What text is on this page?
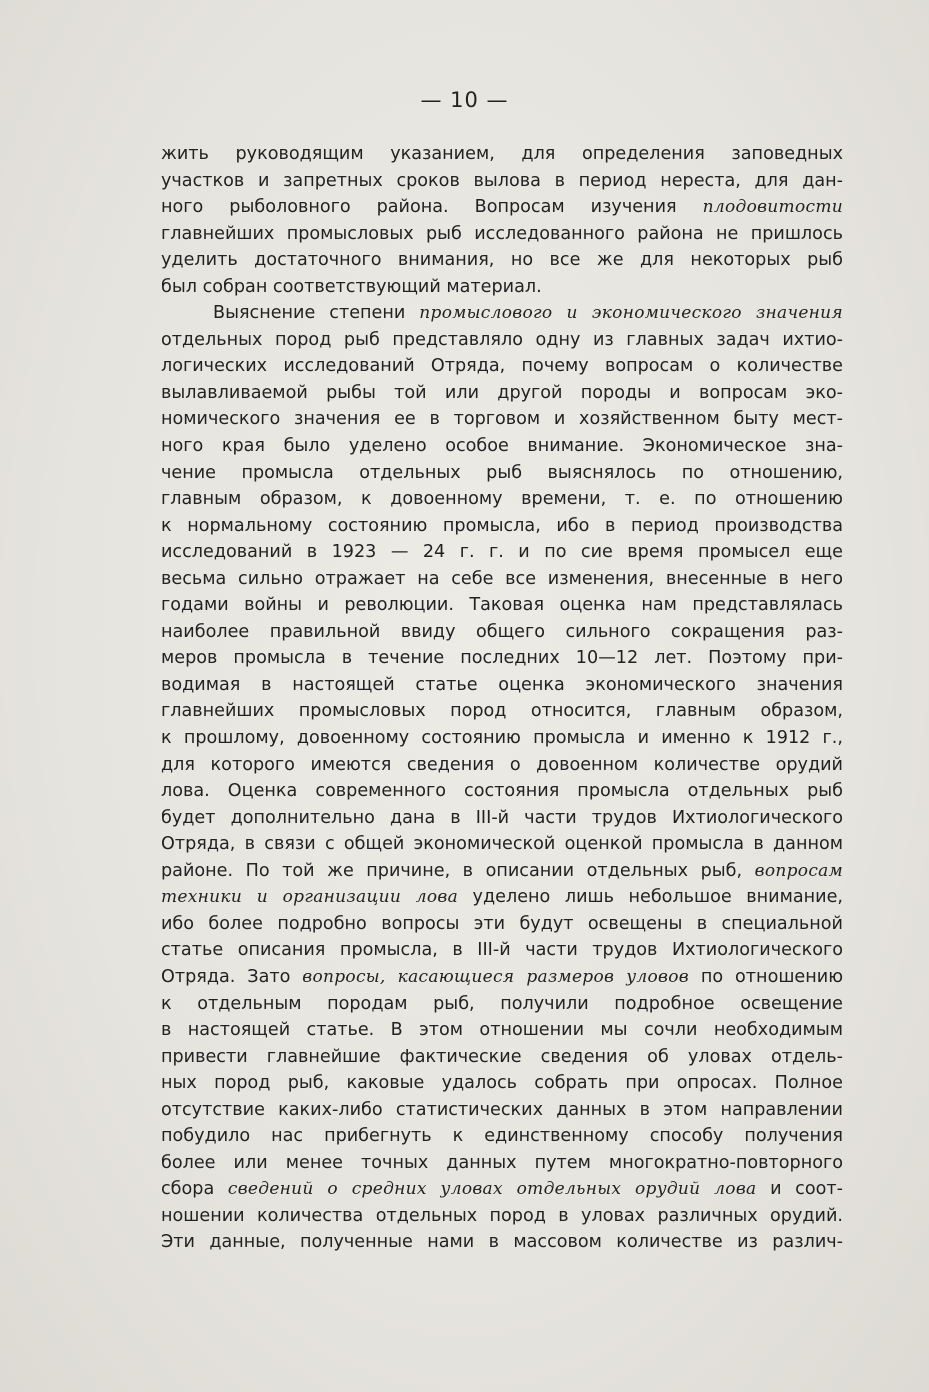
— 10 —
жить руководящим указанием, для определения заповедных
участков и запретных сроков вылова в период нереста, для дан-
ного рыболовного района. Вопросам изучения плодовитости
главнейших промысловых рыб исследованного района не пришлось
уделить достаточного внимания, но все же для некоторых рыб
был собран соответствующий материал.
Выяснение степени промыслового и экономического значения
отдельных пород рыб представляло одну из главных задач ихтио-
логических исследований Отряда, почему вопросам о количестве
вылавливаемой рыбы той или другой породы и вопросам эко-
номического значения ее в торговом и хозяйственном быту мест-
ного края было уделено особое внимание. Экономическое зна-
чение промысла отдельных рыб выяснялось по отношению,
главным образом, к довоенному времени, т. е. по отношению
к нормальному состоянию промысла, ибо в период производства
исследований в 1923 — 24 г. г. и по сие время промысел еще
весьма сильно отражает на себе все изменения, внесенные в него
годами войны и революции. Таковая оценка нам представлялась
наиболее правильной ввиду общего сильного сокращения раз-
меров промысла в течение последних 10—12 лет. Поэтому при-
водимая в настоящей статье оценка экономического значения
главнейших промысловых пород относится, главным образом,
к прошлому, довоенному состоянию промысла и именно к 1912 г.,
для которого имеются сведения о довоенном количестве орудий
лова. Оценка современного состояния промысла отдельных рыб
будет дополнительно дана в III-й части трудов Ихтиологического
Отряда, в связи с общей экономической оценкой промысла в данном
районе. По той же причине, в описании отдельных рыб, вопросам
техники и организации лова уделено лишь небольшое внимание,
ибо более подробно вопросы эти будут освещены в специальной
статье описания промысла, в III-й части трудов Ихтиологического
Отряда. Зато вопросы, касающиеся размеров уловов по отношению
к отдельным породам рыб, получили подробное освещение
в настоящей статье. В этом отношении мы сочли необходимым
привести главнейшие фактические сведения об уловах отдель-
ных пород рыб, каковые удалось собрать при опросах. Полное
отсутствие каких-либо статистических данных в этом направлении
побудило нас прибегнуть к единственному способу получения
более или менее точных данных путем многократно-повторного
сбора сведений о средних уловах отдельных орудий лова и соот-
ношении количества отдельных пород в уловах различных орудий.
Эти данные, полученные нами в массовом количестве из различ-
